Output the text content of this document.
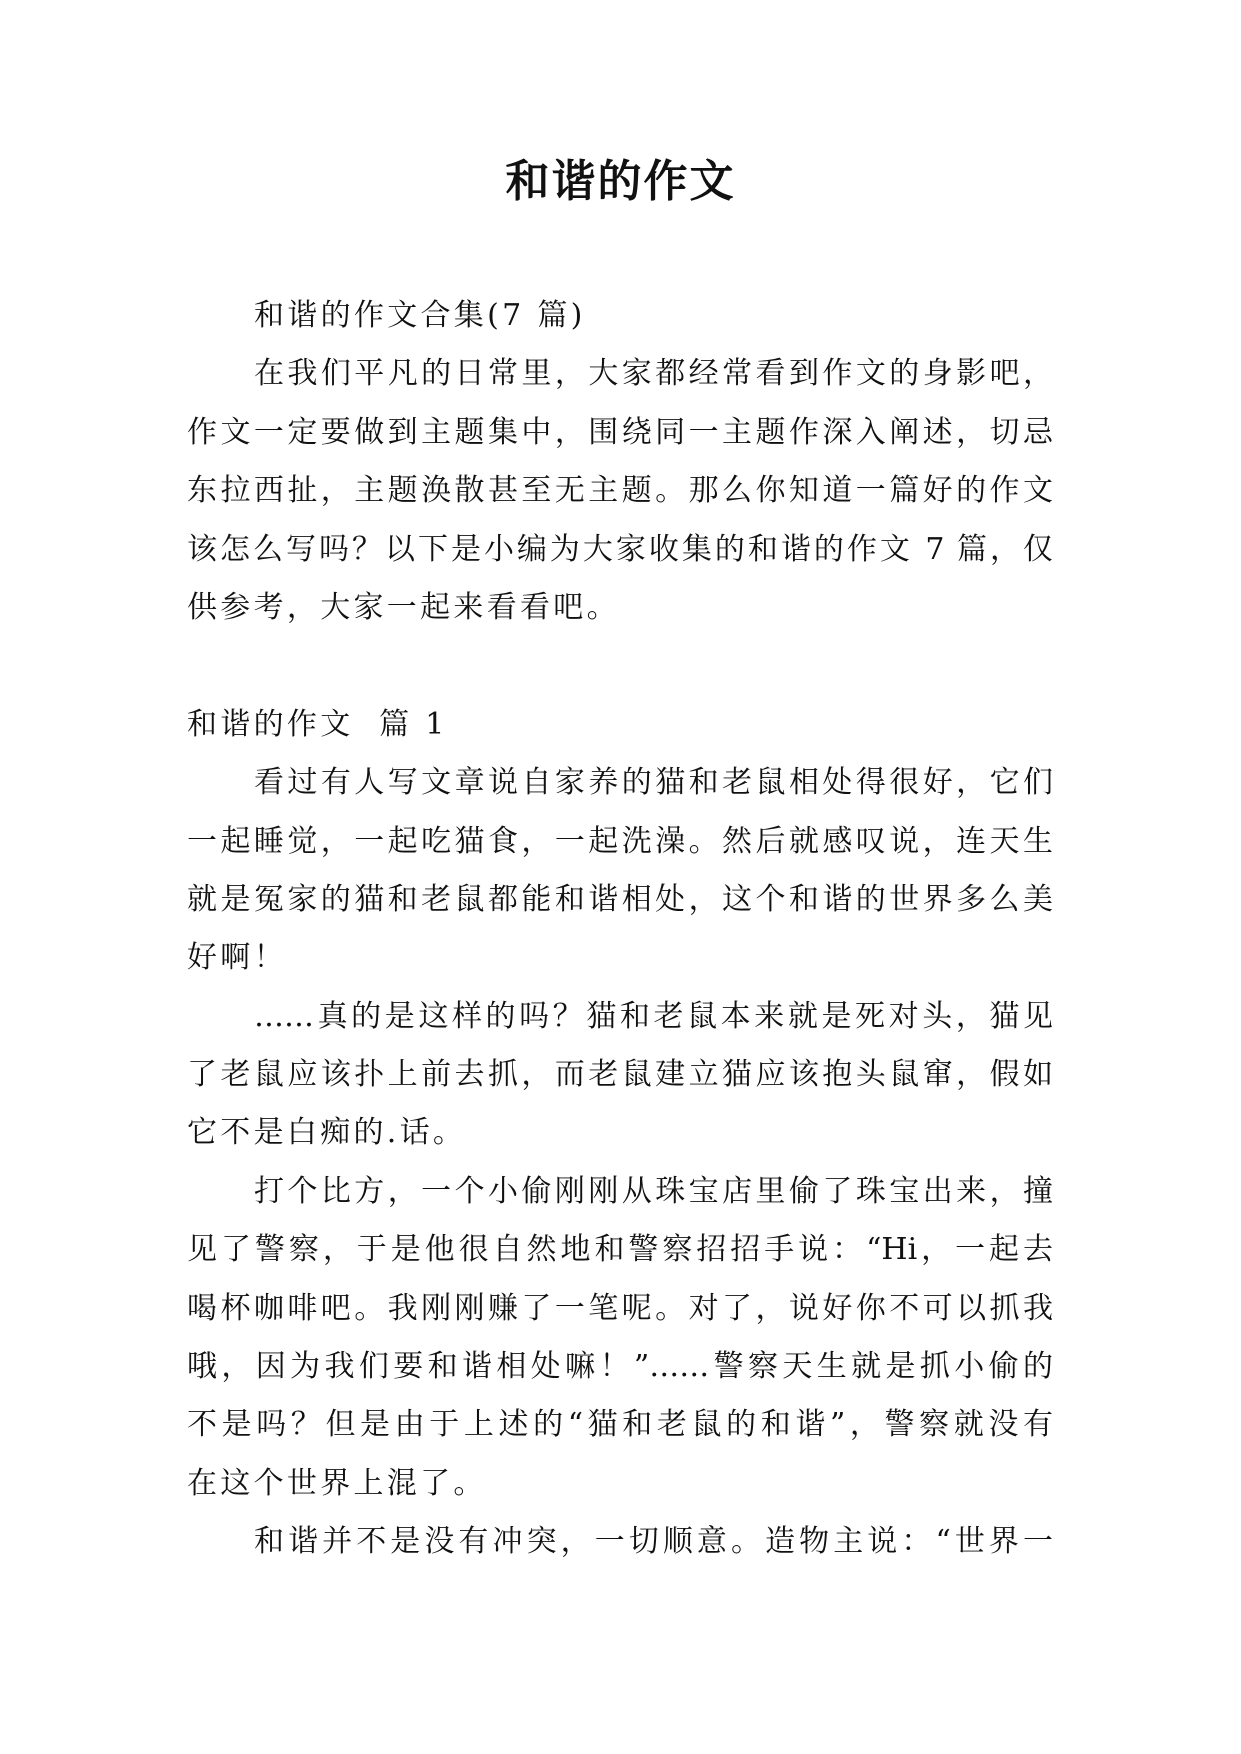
和谐的作文
和谐的作文合集(7 篇)
在我们平凡的日常里，大家都经常看到作文的身影吧，
作文一定要做到主题集中，围绕同一主题作深入阐述，切忌
东拉西扯，主题涣散甚至无主题。那么你知道一篇好的作文
该怎么写吗？以下是小编为大家收集的和谐的作文 7 篇，仅
供参考，大家一起来看看吧。
和谐的作文  篇 1
看过有人写文章说自家养的猫和老鼠相处得很好，它们
一起睡觉，一起吃猫食，一起洗澡。然后就感叹说，连天生
就是冤家的猫和老鼠都能和谐相处，这个和谐的世界多么美
好啊！
……真的是这样的吗？猫和老鼠本来就是死对头，猫见
了老鼠应该扑上前去抓，而老鼠建立猫应该抱头鼠窜，假如
它不是白痴的.话。
打个比方，一个小偷刚刚从珠宝店里偷了珠宝出来，撞
见了警察，于是他很自然地和警察招招手说：“Hi，一起去
喝杯咖啡吧。我刚刚赚了一笔呢。对了，说好你不可以抓我
哦，因为我们要和谐相处嘛！”……警察天生就是抓小偷的
不是吗？但是由于上述的“猫和老鼠的和谐”，警察就没有
在这个世界上混了。
和谐并不是没有冲突，一切顺意。造物主说：“世界一
